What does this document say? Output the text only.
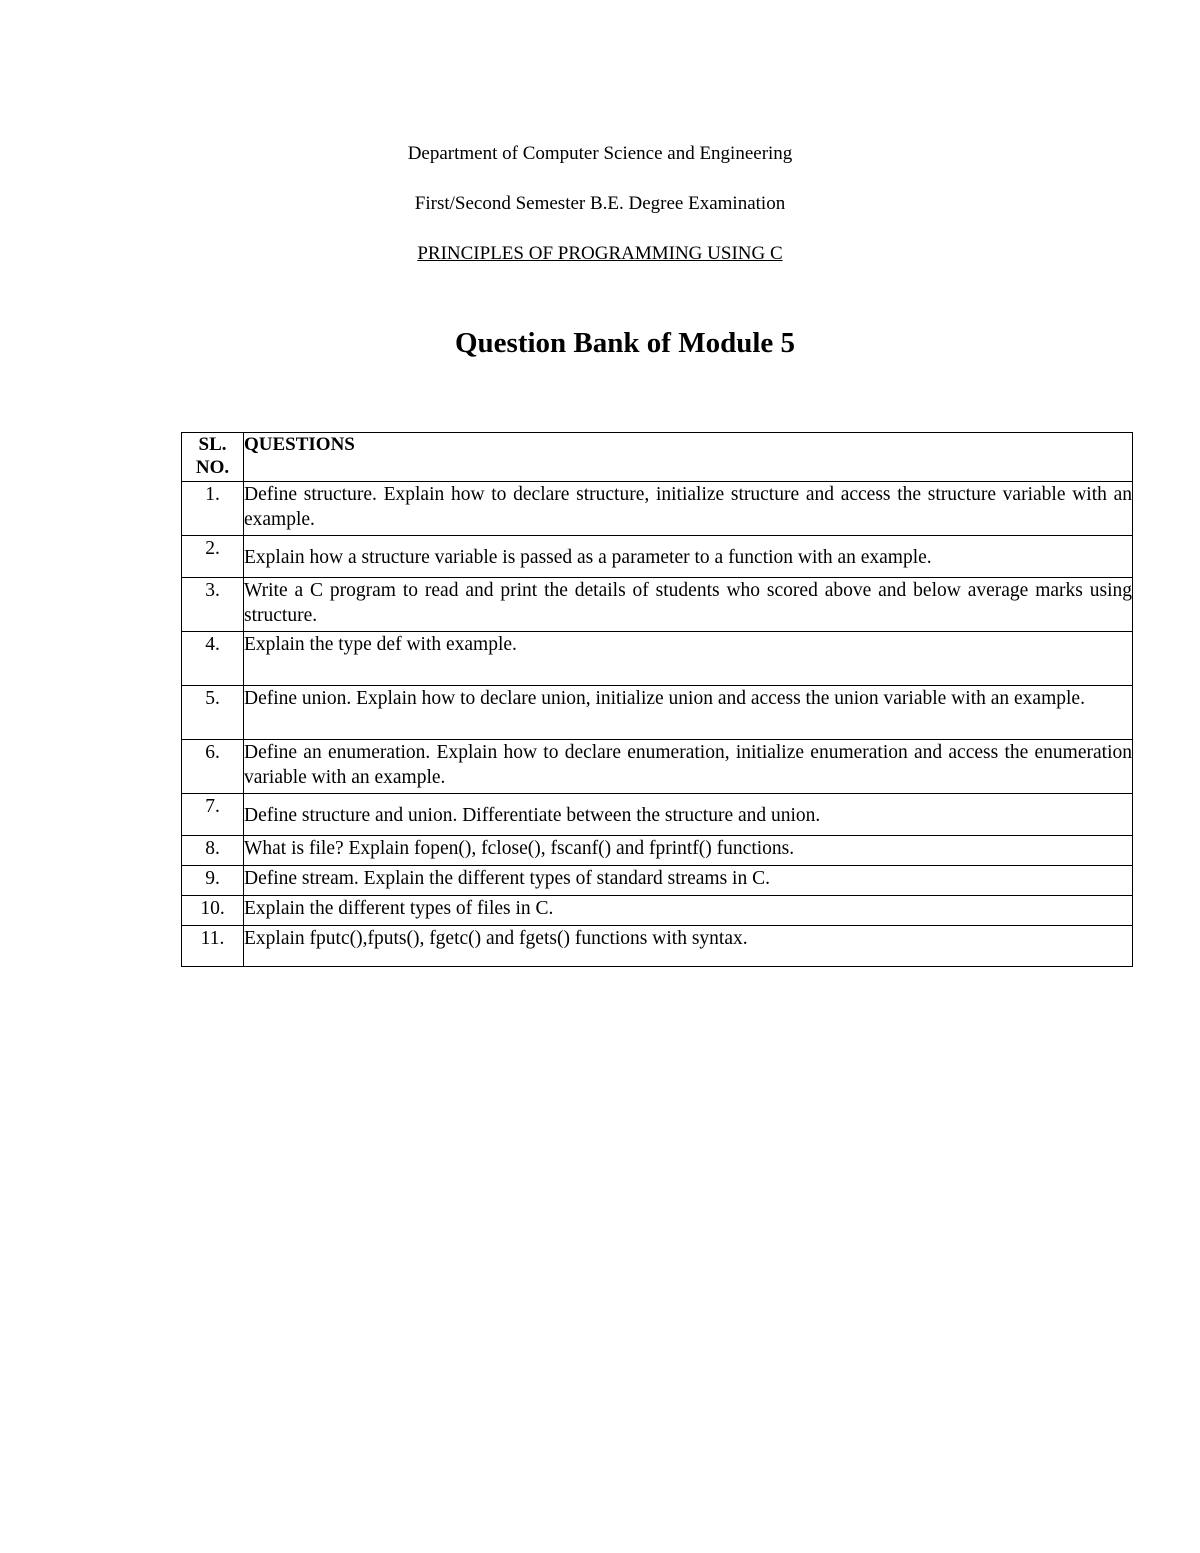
Department of Computer Science and Engineering
First/Second Semester B.E. Degree Examination
PRINCIPLES OF PROGRAMMING USING C
Question Bank of Module 5
SL.
NO.	QUESTIONS
1.	Define structure. Explain how to declare structure, initialize structure and access the structure variable with an example.
2.	Explain how a structure variable is passed as a parameter to a function with an example.
3.	Write a C program to read and print the details of students who scored above and below average marks using structure.
4.	Explain the type def with example.
5.	Define union. Explain how to declare union, initialize union and access the union variable with an example.
6.	Define an enumeration. Explain how to declare enumeration, initialize enumeration and access the enumeration variable with an example.
7.	Define structure and union. Differentiate between the structure and union.
8.	What is file? Explain fopen(), fclose(), fscanf() and fprintf() functions.
9.	Define stream. Explain the different types of standard streams in C.
10.	Explain the different types of files in C.
11.	Explain fputc(),fputs(), fgetc() and fgets() functions with syntax.
